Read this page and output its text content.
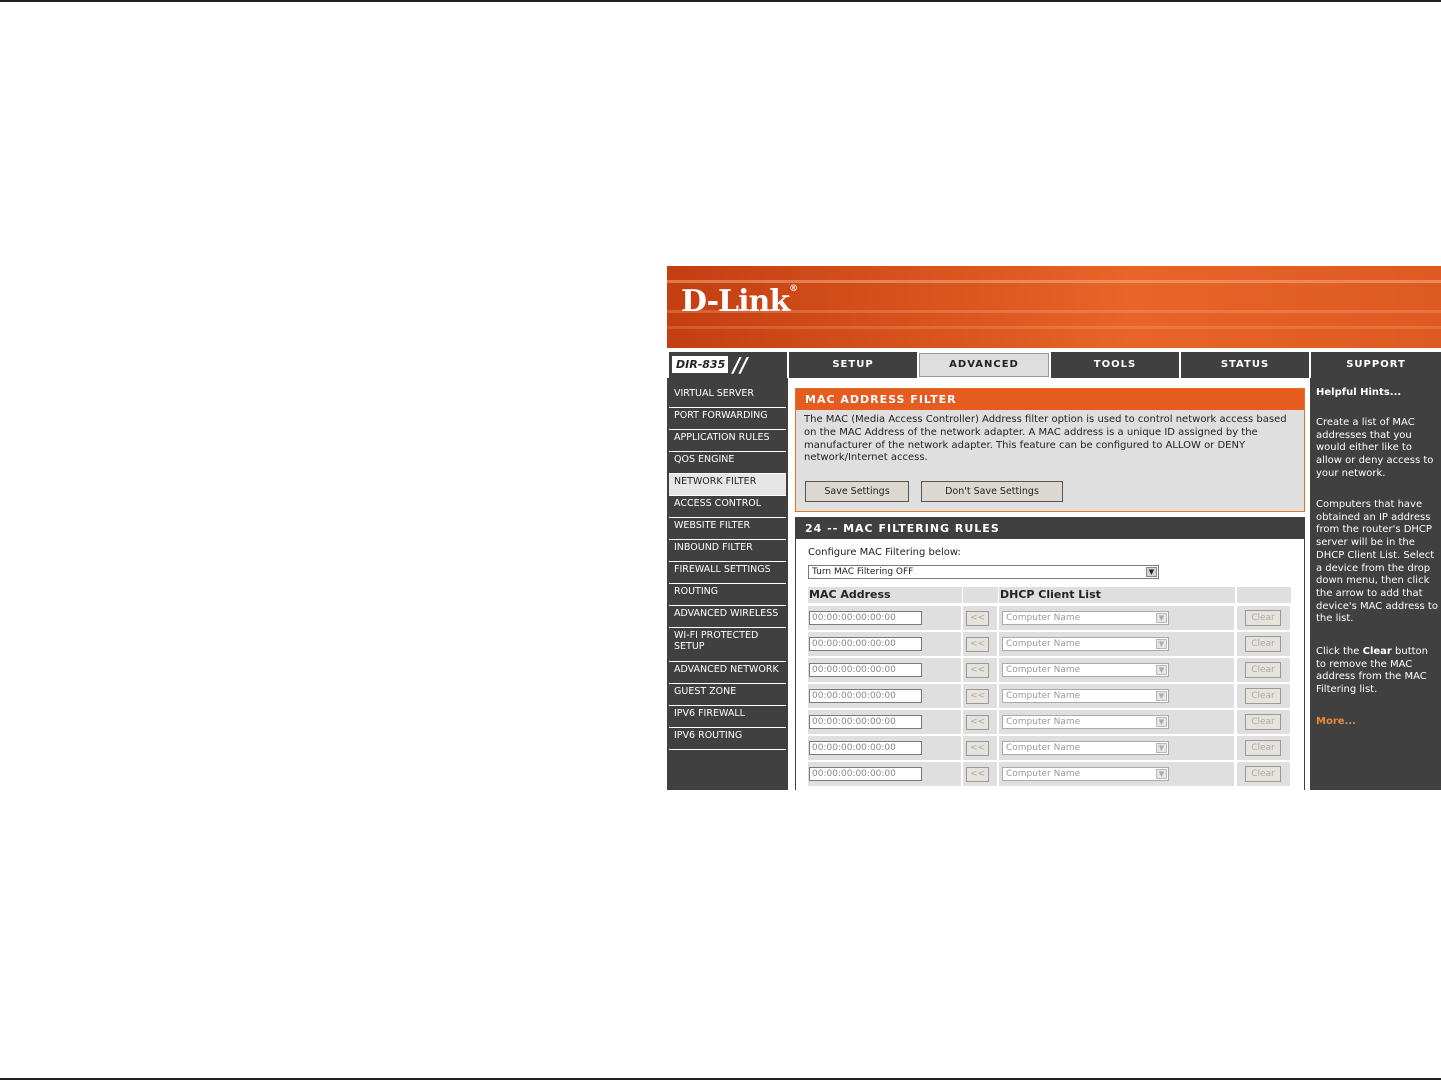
D-Link®
DIR-835 //	SETUP	ADVANCED	TOOLS	STATUS	SUPPORT
VIRTUAL SERVER
PORT FORWARDING
APPLICATION RULES
QOS ENGINE
NETWORK FILTER
ACCESS CONTROL
WEBSITE FILTER
INBOUND FILTER
FIREWALL SETTINGS
ROUTING
ADVANCED WIRELESS
WI-FI PROTECTED SETUP
ADVANCED NETWORK
GUEST ZONE
IPV6 FIREWALL
IPV6 ROUTING
MAC ADDRESS FILTER
The MAC (Media Access Controller) Address filter option is used to control network access based on the MAC Address of the network adapter. A MAC address is a unique ID assigned by the manufacturer of the network adapter. This feature can be configured to ALLOW or DENY network/Internet access.
Save Settings	Don't Save Settings
24 -- MAC FILTERING RULES
Configure MAC Filtering below:
Turn MAC Filtering OFF	▼
MAC Address	DHCP Client List
00:00:00:00:00:00	<<	Computer Name	▼	Clear
00:00:00:00:00:00	<<	Computer Name	▼	Clear
00:00:00:00:00:00	<<	Computer Name	▼	Clear
00:00:00:00:00:00	<<	Computer Name	▼	Clear
00:00:00:00:00:00	<<	Computer Name	▼	Clear
00:00:00:00:00:00	<<	Computer Name	▼	Clear
00:00:00:00:00:00	<<	Computer Name	▼	Clear
Helpful Hints...
Create a list of MAC addresses that you would either like to allow or deny access to your network.
Computers that have obtained an IP address from the router's DHCP server will be in the DHCP Client List. Select a device from the drop down menu, then click the arrow to add that device's MAC address to the list.
Click the Clear button to remove the MAC address from the MAC Filtering list.
More...
